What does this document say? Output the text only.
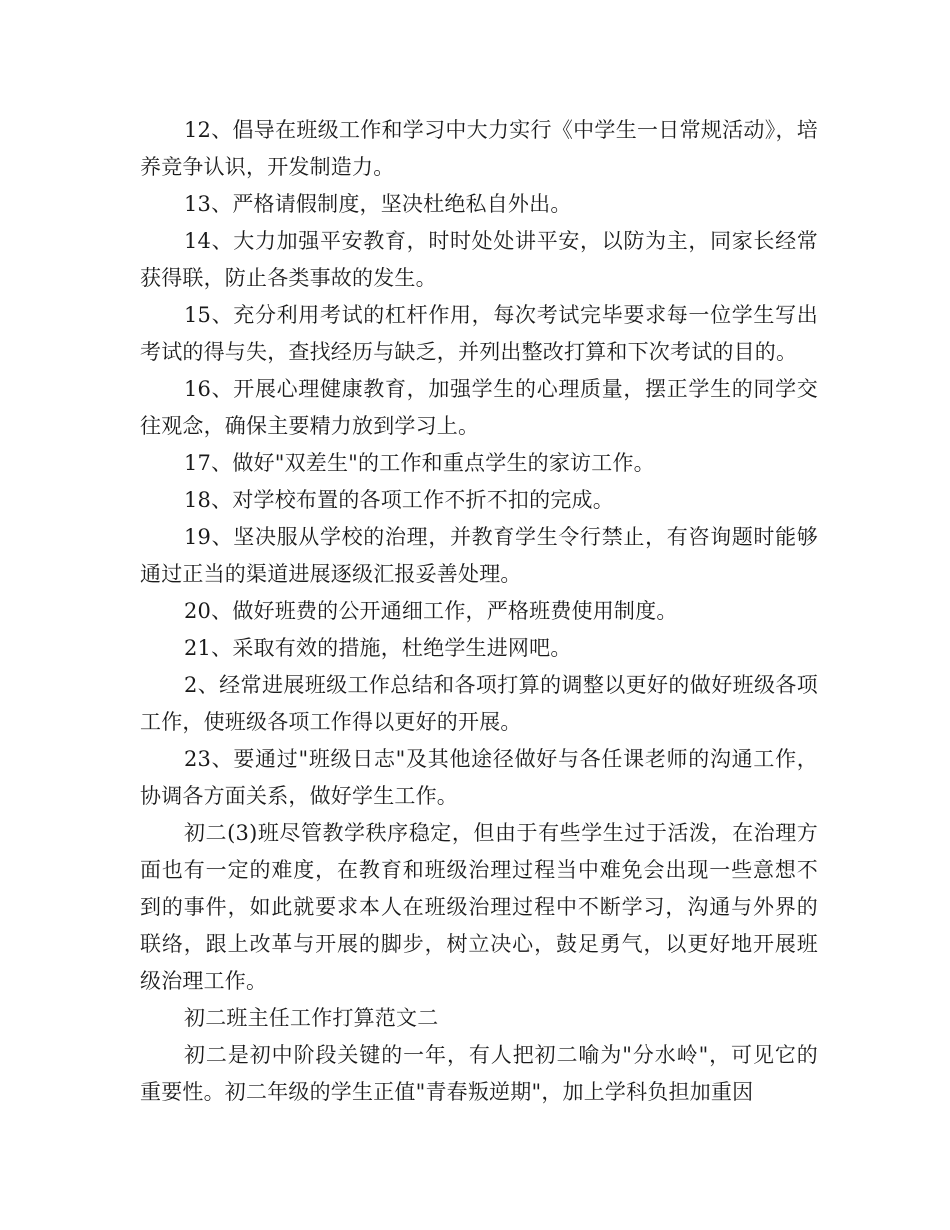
12、倡导在班级工作和学习中大力实行《中学生一日常规活动》，培养竞争认识，开发制造力。

13、严格请假制度，坚决杜绝私自外出。

14、大力加强平安教育，时时处处讲平安，以防为主，同家长经常获得联，防止各类事故的发生。

15、充分利用考试的杠杆作用，每次考试完毕要求每一位学生写出考试的得与失，查找经历与缺乏，并列出整改打算和下次考试的目的。

16、开展心理健康教育，加强学生的心理质量，摆正学生的同学交往观念，确保主要精力放到学习上。

17、做好"双差生"的工作和重点学生的家访工作。

18、对学校布置的各项工作不折不扣的完成。

19、坚决服从学校的治理，并教育学生令行禁止，有咨询题时能够通过正当的渠道进展逐级汇报妥善处理。

20、做好班费的公开通细工作，严格班费使用制度。

21、采取有效的措施，杜绝学生进网吧。

2、经常进展班级工作总结和各项打算的调整以更好的做好班级各项工作，使班级各项工作得以更好的开展。

23、要通过"班级日志"及其他途径做好与各任课老师的沟通工作，协调各方面关系，做好学生工作。

初二(3)班尽管教学秩序稳定，但由于有些学生过于活泼，在治理方面也有一定的难度，在教育和班级治理过程当中难免会出现一些意想不到的事件，如此就要求本人在班级治理过程中不断学习，沟通与外界的联络，跟上改革与开展的脚步，树立决心，鼓足勇气，以更好地开展班级治理工作。

初二班主任工作打算范文二

初二是初中阶段关键的一年，有人把初二喻为"分水岭"，可见它的重要性。初二年级的学生正值"青春叛逆期"，加上学科负担加重因
